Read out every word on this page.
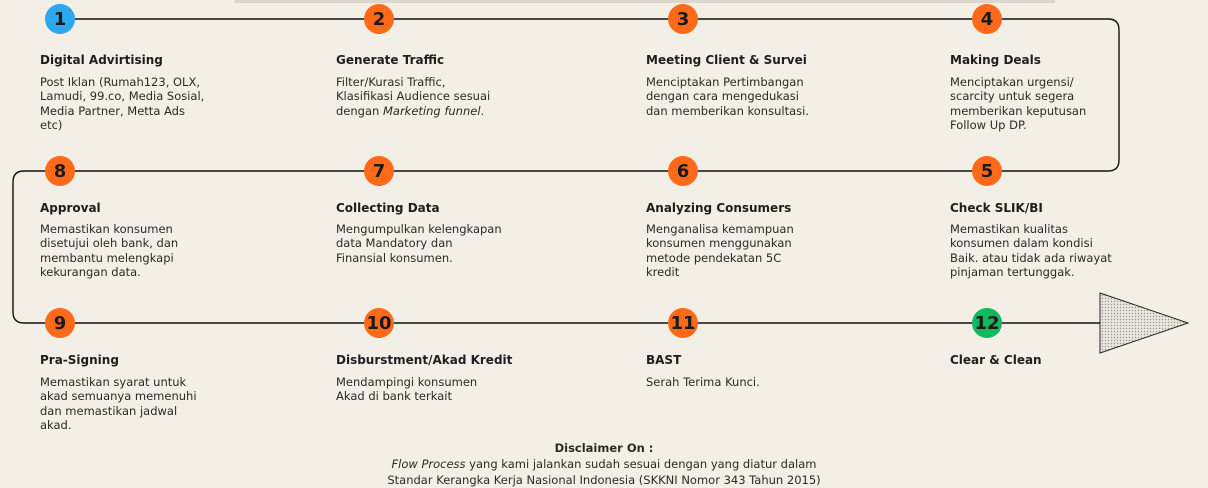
1
Digital Advirtising
Post Iklan (Rumah123, OLX,
Lamudi, 99.co, Media Sosial,
Media Partner, Metta Ads
etc)
2
Generate Traffic
Filter/Kurasi Traffic,
Klasifikasi Audience sesuai
dengan Marketing funnel.
3
Meeting Client & Survei
Menciptakan Pertimbangan
dengan cara mengedukasi
dan memberikan konsultasi.
4
Making Deals
Menciptakan urgensi/
scarcity untuk segera
memberikan keputusan
Follow Up DP.
5
Check SLIK/BI
Memastikan kualitas
konsumen dalam kondisi
Baik. atau tidak ada riwayat
pinjaman tertunggak.
6
Analyzing Consumers
Menganalisa kemampuan
konsumen menggunakan
metode pendekatan 5C
kredit
7
Collecting Data
Mengumpulkan kelengkapan
data Mandatory dan
Finansial konsumen.
8
Approval
Memastikan konsumen
disetujui oleh bank, dan
membantu melengkapi
kekurangan data.
9
Pra-Signing
Memastikan syarat untuk
akad semuanya memenuhi
dan memastikan jadwal
akad.
10
Disburstment/Akad Kredit
Mendampingi konsumen
Akad di bank terkait
11
BAST
Serah Terima Kunci.
12
Clear & Clean
Disclaimer On :
Flow Process yang kami jalankan sudah sesuai dengan yang diatur dalam
Standar Kerangka Kerja Nasional Indonesia (SKKNI Nomor 343 Tahun 2015)
